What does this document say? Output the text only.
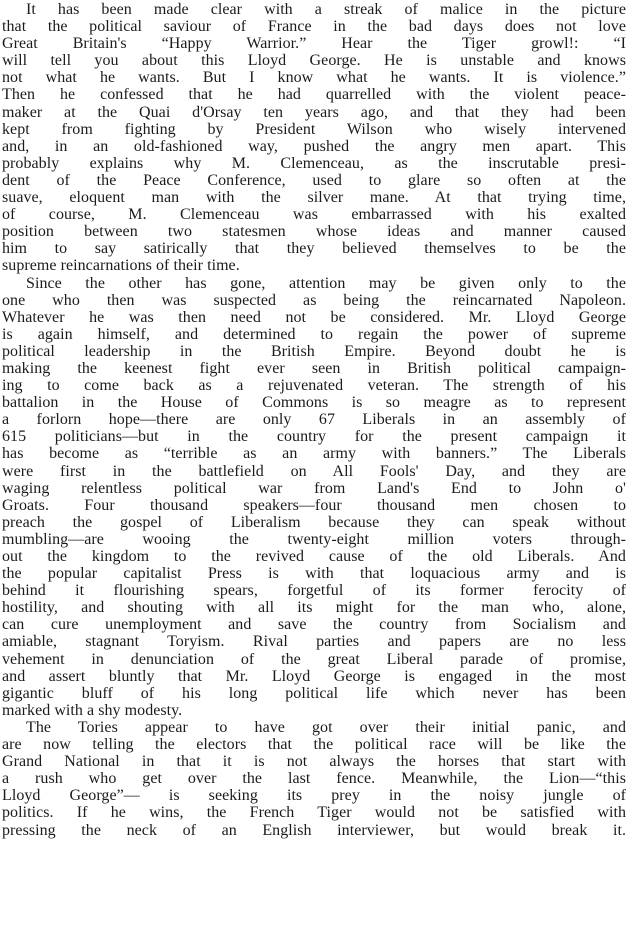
It has been made clear with a streak of malice in the picture
that the political saviour of France in the bad days does not love
Great Britain's “Happy Warrior.” Hear the Tiger growl!: “I
will tell you about this Lloyd George. He is unstable and knows
not what he wants. But I know what he wants. It is violence.”
Then he confessed that he had quarrelled with the violent peace-
maker at the Quai d'Orsay ten years ago, and that they had been
kept from fighting by President Wilson who wisely intervened
and, in an old-fashioned way, pushed the angry men apart. This
probably explains why M. Clemenceau, as the inscrutable presi-
dent of the Peace Conference, used to glare so often at the
suave, eloquent man with the silver mane. At that trying time,
of course, M. Clemenceau was embarrassed with his exalted
position between two statesmen whose ideas and manner caused
him to say satirically that they believed themselves to be the
supreme reincarnations of their time.
Since the other has gone, attention may be given only to the
one who then was suspected as being the reincarnated Napoleon.
Whatever he was then need not be considered. Mr. Lloyd George
is again himself, and determined to regain the power of supreme
political leadership in the British Empire. Beyond doubt he is
making the keenest fight ever seen in British political campaign-
ing to come back as a rejuvenated veteran. The strength of his
battalion in the House of Commons is so meagre as to represent
a forlorn hope—there are only 67 Liberals in an assembly of
615 politicians—but in the country for the present campaign it
has become as “terrible as an army with banners.” The Liberals
were first in the battlefield on All Fools' Day, and they are
waging relentless political war from Land's End to John o'
Groats. Four thousand speakers—four thousand men chosen to
preach the gospel of Liberalism because they can speak without
mumbling—are wooing the twenty-eight million voters through-
out the kingdom to the revived cause of the old Liberals. And
the popular capitalist Press is with that loquacious army and is
behind it flourishing spears, forgetful of its former ferocity of
hostility, and shouting with all its might for the man who, alone,
can cure unemployment and save the country from Socialism and
amiable, stagnant Toryism. Rival parties and papers are no less
vehement in denunciation of the great Liberal parade of promise,
and assert bluntly that Mr. Lloyd George is engaged in the most
gigantic bluff of his long political life which never has been
marked with a shy modesty.
The Tories appear to have got over their initial panic, and
are now telling the electors that the political race will be like the
Grand National in that it is not always the horses that start with
a rush who get over the last fence. Meanwhile, the Lion—“this
Lloyd George”— is seeking its prey in the noisy jungle of
politics. If he wins, the French Tiger would not be satisfied with
pressing the neck of an English interviewer, but would break it.
